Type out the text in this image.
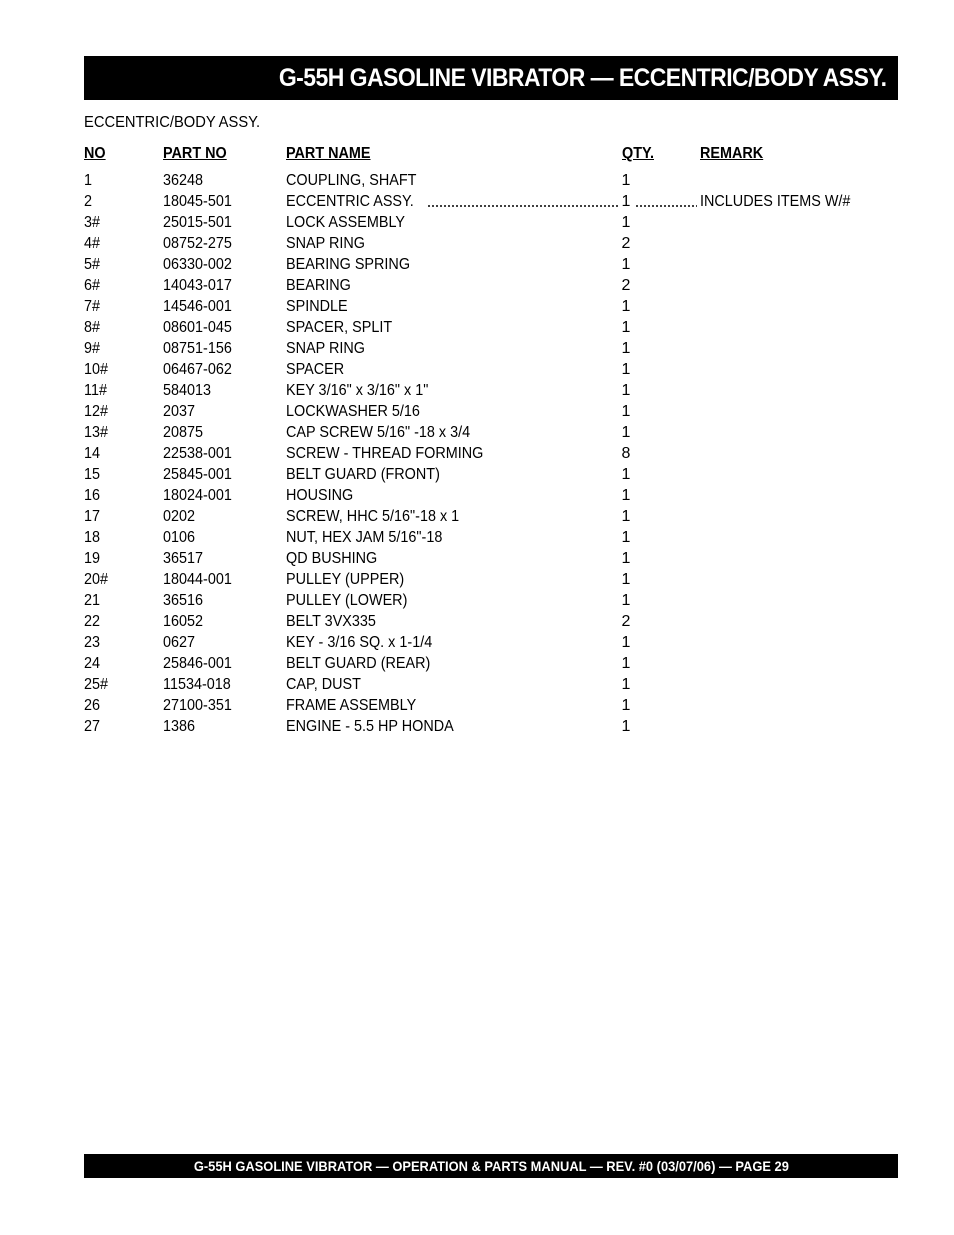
G-55H GASOLINE VIBRATOR — ECCENTRIC/BODY ASSY.
ECCENTRIC/BODY ASSY.
NO	PART NO	PART NAME	QTY.	REMARK
1	36248	COUPLING, SHAFT	1
2	18045-501	ECCENTRIC ASSY.	1	INCLUDES ITEMS W/#
3#	25015-501	LOCK ASSEMBLY	1
4#	08752-275	SNAP RING	2
5#	06330-002	BEARING SPRING	1
6#	14043-017	BEARING	2
7#	14546-001	SPINDLE	1
8#	08601-045	SPACER, SPLIT	1
9#	08751-156	SNAP RING	1
10#	06467-062	SPACER	1
11#	584013	KEY 3/16" x 3/16" x 1"	1
12#	2037	LOCKWASHER 5/16	1
13#	20875	CAP SCREW 5/16" -18 x 3/4	1
14	22538-001	SCREW - THREAD FORMING	8
15	25845-001	BELT GUARD (FRONT)	1
16	18024-001	HOUSING	1
17	0202	SCREW, HHC 5/16"-18 x 1	1
18	0106	NUT, HEX JAM 5/16"-18	1
19	36517	QD BUSHING	1
20#	18044-001	PULLEY (UPPER)	1
21	36516	PULLEY (LOWER)	1
22	16052	BELT 3VX335	2
23	0627	KEY - 3/16 SQ. x 1-1/4	1
24	25846-001	BELT GUARD (REAR)	1
25#	11534-018	CAP, DUST	1
26	27100-351	FRAME ASSEMBLY	1
27	1386	ENGINE - 5.5 HP HONDA	1
G-55H GASOLINE VIBRATOR — OPERATION & PARTS MANUAL — REV. #0 (03/07/06) — PAGE 29
